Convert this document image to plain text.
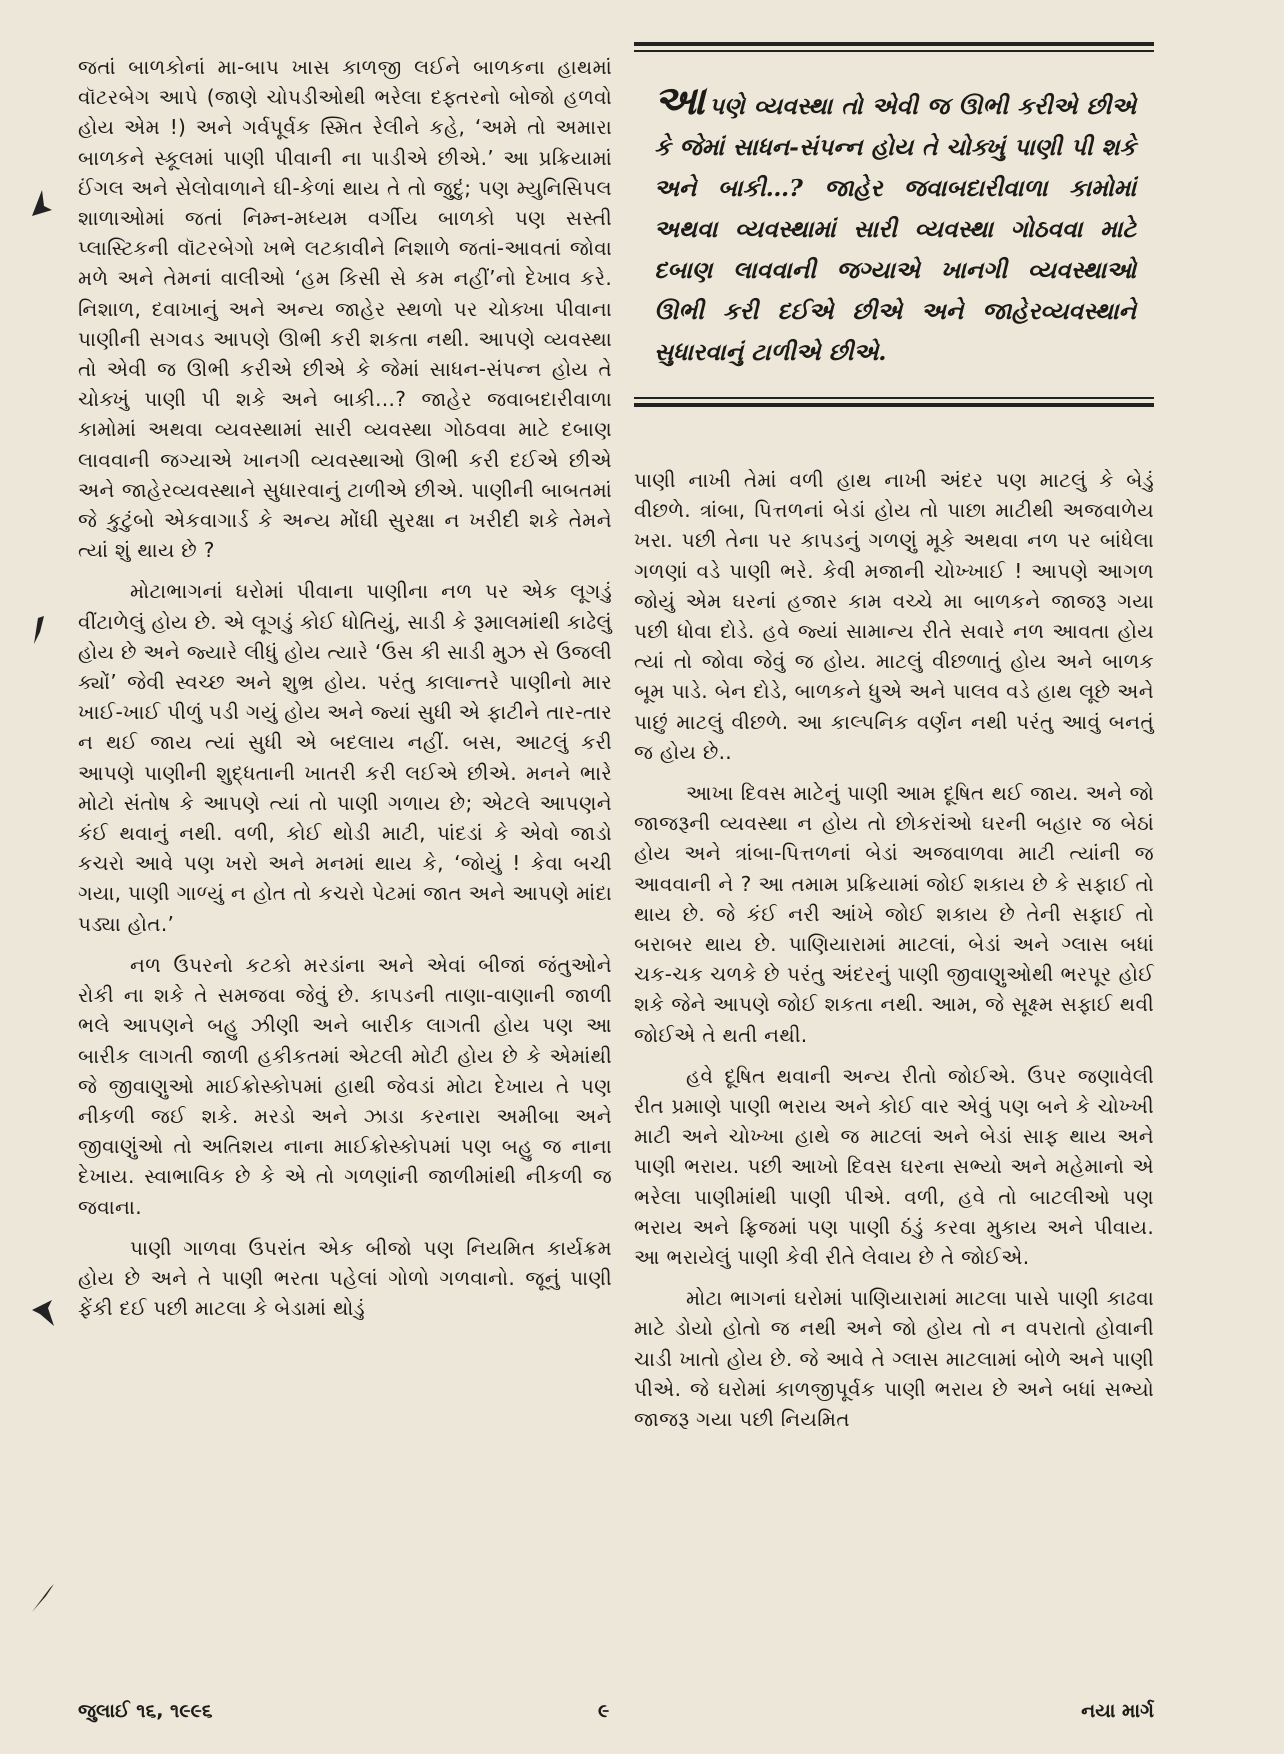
જતાં બાળકોનાં મા-બાપ ખાસ કાળજી લઈને બાળકના હાથમાં વૉટરબેગ આપે (જાણે ચોપડીઓથી ભરેલા દફ્તરનો બોજો હળવો હોય એમ !) અને ગર્વપૂર્વક સ્મિત રેલીને કહે, ‘અમે તો અમારા બાળકને સ્કૂલમાં પાણી પીવાની ના પાડીએ છીએ.’ આ પ્રક્રિયામાં ઈંગલ અને સેલોવાળાને ઘી-કેળાં થાય તે તો જુદું; પણ મ્યુનિસિપલ શાળાઓમાં જતાં નિમ્ન-મધ્યમ વર્ગીય બાળકો પણ સસ્તી પ્લાસ્ટિકની વૉટરબેગો ખભે લટકાવીને નિશાળે જતાં-આવતાં જોવા મળે અને તેમનાં વાલીઓ ‘હમ કિસી સે કમ નહીં’નો દેખાવ કરે. નિશાળ, દવાખાનું અને અન્ય જાહેર સ્થળો પર ચોક્ખા પીવાના પાણીની સગવડ આપણે ઊભી કરી શકતા નથી. આપણે વ્યવસ્થા તો એવી જ ઊભી કરીએ છીએ કે જેમાં સાધન-સંપન્ન હોય તે ચોક્ખું પાણી પી શકે અને બાકી…? જાહેર જવાબદારીવાળા કામોમાં અથવા વ્યવસ્થામાં સારી વ્યવસ્થા ગોઠવવા માટે દબાણ લાવવાની જગ્યાએ ખાનગી વ્યવસ્થાઓ ઊભી કરી દઈએ છીએ અને જાહેરવ્યવસ્થાને સુધારવાનું ટાળીએ છીએ. પાણીની બાબતમાં જે કુટુંબો એકવાગાર્ડ કે અન્ય મોંઘી સુરક્ષા ન ખરીદી શકે તેમને ત્યાં શું થાય છે ?

મોટાભાગનાં ઘરોમાં પીવાના પાણીના નળ પર એક લૂગડું વીંટાળેલું હોય છે. એ લૂગડું કોઈ ધોતિયું, સાડી કે રૂમાલમાંથી કાઢેલું હોય છે અને જ્યારે લીધું હોય ત્યારે ‘ઉસ કી સાડી મુઝ સે ઉજલી ક્યોં’ જેવી સ્વચ્છ અને શુભ્ર હોય. પરંતુ કાલાન્તરે પાણીનો માર ખાઈ-ખાઈ પીળું પડી ગયું હોય અને જ્યાં સુધી એ ફાટીને તાર-તાર ન થઈ જાય ત્યાં સુધી એ બદલાય નહીં. બસ, આટલું કરી આપણે પાણીની શુદ્ધતાની ખાતરી કરી લઈએ છીએ. મનને ભારે મોટો સંતોષ કે આપણે ત્યાં તો પાણી ગળાય છે; એટલે આપણને કંઈ થવાનું નથી. વળી, કોઈ થોડી માટી, પાંદડાં કે એવો જાડો કચરો આવે પણ ખરો અને મનમાં થાય કે, ‘જોયું ! કેવા બચી ગયા, પાણી ગાળ્યું ન હોત તો કચરો પેટમાં જાત અને આપણે માંદા પડ્યા હોત.’

નળ ઉપરનો કટકો મરડાંના અને એવાં બીજાં જંતુઓને રોકી ના શકે તે સમજવા જેવું છે. કાપડની તાણા-વાણાની જાળી ભલે આપણને બહુ ઝીણી અને બારીક લાગતી હોય પણ આ બારીક લાગતી જાળી હકીકતમાં એટલી મોટી હોય છે કે એમાંથી જે જીવાણુઓ માઈક્રોસ્કોપમાં હાથી જેવડાં મોટા દેખાય તે પણ નીકળી જઈ શકે. મરડો અને ઝાડા કરનારા અમીબા અને જીવાણુંઓ તો અતિશય નાના માઈક્રોસ્કોપમાં પણ બહુ જ નાના દેખાય. સ્વાભાવિક છે કે એ તો ગળણાંની જાળીમાંથી નીકળી જ જવાના.

પાણી ગાળવા ઉપરાંત એક બીજો પણ નિયમિત કાર્યક્રમ હોય છે અને તે પાણી ભરતા પહેલાં ગોળો ગળવાનો. જૂનું પાણી ફેંકી દઈ પછી માટલા કે બેડામાં થોડું

આપણે વ્યવસ્થા તો એવી જ ઊભી કરીએ છીએ કે જેમાં સાધન-સંપન્ન હોય તે ચોક્ખું પાણી પી શકે અને બાકી…? જાહેર જવાબદારીવાળા કામોમાં અથવા વ્યવસ્થામાં સારી વ્યવસ્થા ગોઠવવા માટે દબાણ લાવવાની જગ્યાએ ખાનગી વ્યવસ્થાઓ ઊભી કરી દઈએ છીએ અને જાહેરવ્યવસ્થાને સુધારવાનું ટાળીએ છીએ.

પાણી નાખી તેમાં વળી હાથ નાખી અંદર પણ માટલું કે બેડું વીછળે. ત્રાંબા, પિત્તળનાં બેડાં હોય તો પાછા માટીથી અજવાળેય ખરા. પછી તેના પર કાપડનું ગળણું મૂકે અથવા નળ પર બાંધેલા ગળણાં વડે પાણી ભરે. કેવી મજાની ચોખ્ખાઈ ! આપણે આગળ જોયું એમ ઘરનાં હજાર કામ વચ્ચે મા બાળકને જાજરૂ ગયા પછી ધોવા દોડે. હવે જ્યાં સામાન્ય રીતે સવારે નળ આવતા હોય ત્યાં તો જોવા જેવું જ હોય. માટલું વીછળાતું હોય અને બાળક બૂમ પાડે. બેન દોડે, બાળકને ધુએ અને પાલવ વડે હાથ લૂછે અને પાછું માટલું વીછળે. આ કાલ્પનિક વર્ણન નથી પરંતુ આવું બનતું જ હોય છે..

આખા દિવસ માટેનું પાણી આમ દૂષિત થઈ જાય. અને જો જાજરૂની વ્યવસ્થા ન હોય તો છોકરાંઓ ઘરની બહાર જ બેઠાં હોય અને ત્રાંબા-પિત્તળનાં બેડાં અજવાળવા માટી ત્યાંની જ આવવાની ને ? આ તમામ પ્રક્રિયામાં જોઈ શકાય છે કે સફાઈ તો થાય છે. જે કંઈ નરી આંખે જોઈ શકાય છે તેની સફાઈ તો બરાબર થાય છે. પાણિયારામાં માટલાં, બેડાં અને ગ્લાસ બધાં ચક-ચક ચળકે છે પરંતુ અંદરનું પાણી જીવાણુઓથી ભરપૂર હોઈ શકે જેને આપણે જોઈ શકતા નથી. આમ, જે સૂક્ષ્મ સફાઈ થવી જોઈએ તે થતી નથી.

હવે દૂષિત થવાની અન્ય રીતો જોઈએ. ઉપર જણાવેલી રીત પ્રમાણે પાણી ભરાય અને કોઈ વાર એવું પણ બને કે ચોખ્ખી માટી અને ચોખ્ખા હાથે જ માટલાં અને બેડાં સાફ થાય અને પાણી ભરાય. પછી આખો દિવસ ઘરના સભ્યો અને મહેમાનો એ ભરેલા પાણીમાંથી પાણી પીએ. વળી, હવે તો બાટલીઓ પણ ભરાય અને ફ્રિજમાં પણ પાણી ઠંડું કરવા મુકાય અને પીવાય. આ ભરાયેલું પાણી કેવી રીતે લેવાય છે તે જોઈએ.

મોટા ભાગનાં ઘરોમાં પાણિયારામાં માટલા પાસે પાણી કાઢવા માટે ડોયો હોતો જ નથી અને જો હોય તો ન વપરાતો હોવાની ચાડી ખાતો હોય છે. જે આવે તે ગ્લાસ માટલામાં બોળે અને પાણી પીએ. જે ઘરોમાં કાળજીપૂર્વક પાણી ભરાય છે અને બધાં સભ્યો જાજરૂ ગયા પછી નિયમિત

જુલાઈ ૧૬, ૧૯૯૬	૯	નયા માર્ગ
